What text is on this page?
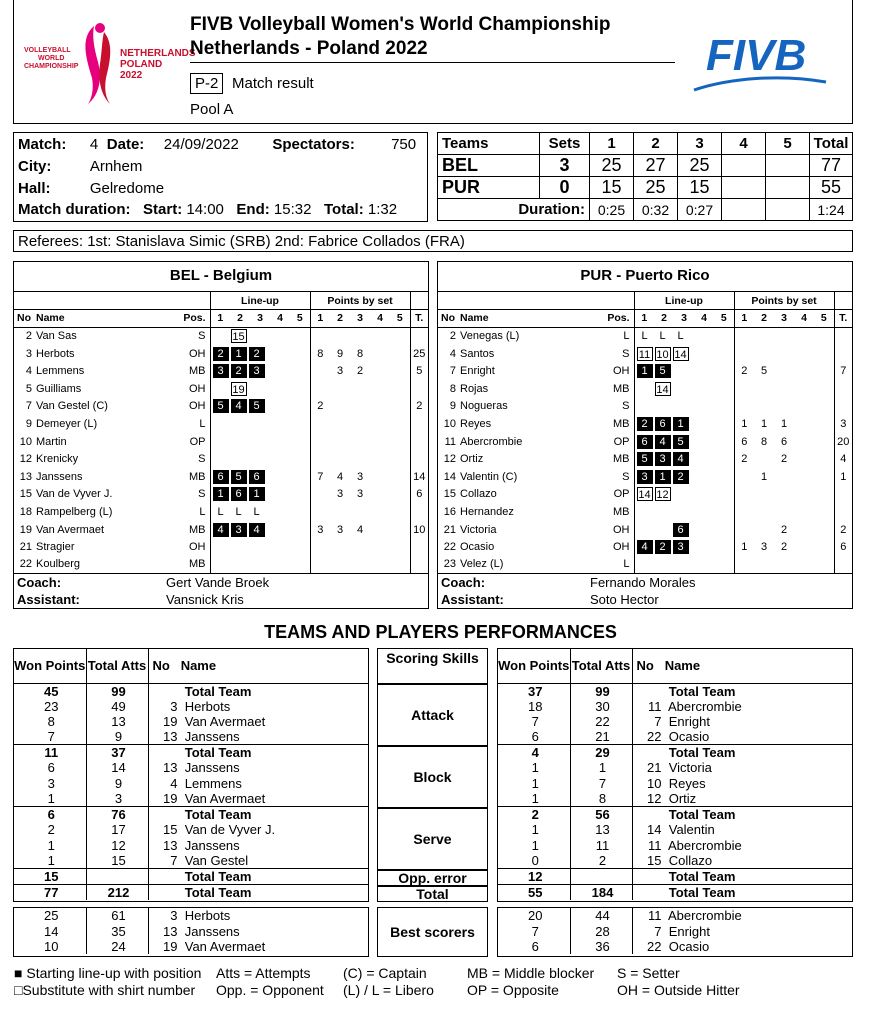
VOLLEYBALL
WORLD
CHAMPIONSHIP
NETHERLANDS
POLAND
2022
FIVB Volleyball Women's World Championship
Netherlands - Poland 2022
P-2 Match result
Pool A
FIVB
Match:	4	Date:	24/09/2022	Spectators:	750
City:	Arnhem				
Hall:	Gelredome				
Match duration: Start: 14:00 End: 15:32 Total: 1:32
Teams	Sets	1	2	3	4	5	Total
BEL	3	25	27	25			77
PUR	0	15	25	15			55
Duration:		0:25	0:32	0:27			1:24
Referees: 1st: Stanislava Simic (SRB) 2nd: Fabrice Collados (FRA)
BEL - Belgium
			Line-up					Points by set					
No	Name	Pos.	1	2	3	4	5	1	2	3	4	5	T.
2	Van Sas	S	15										
3	Herbots	OH	2 1 2					8	9	8			25
4	Lemmens	MB	3 2 3						3	2			5
5	Guilliams	OH	19										
7	Van Gestel (C)	OH	5 4 5					2					2
9	Demeyer (L)	L											
10	Martin	OP											
12	Krenicky	S											
13	Janssens	MB	6 5 6					7	4	3			14
15	Van de Vyver J.	S	1 6 1						3	3			6
18	Rampelberg (L)	L	L L L										
19	Van Avermaet	MB	4 3 4					3	3	4			10
21	Stragier	OH											
22	Koulberg	MB											
Coach:		Gert Vande Broek											
Assistant:		Vansnick Kris											
PUR - Puerto Rico
			Line-up					Points by set					
No	Name	Pos.	1	2	3	4	5	1	2	3	4	5	T.
2	Venegas (L)	L	L L L										
4	Santos	S	11 10 14										
7	Enright	OH	1 5					2	5				7
8	Rojas	MB	14										
9	Nogueras	S											
10	Reyes	MB	2 6 1					1	1	1			3
11	Abercrombie	OP	6 4 5					6	8	6			20
12	Ortiz	MB	5 3 4					2		2			4
14	Valentin (C)	S	3 1 2						1				1
15	Collazo	OP	14 12										
16	Hernandez	MB											
21	Victoria	OH	6							2			2
22	Ocasio	OH	4 2 3					1	3	2			6
23	Velez (L)	L											
Coach:		Fernando Morales											
Assistant:		Soto Hector											
TEAMS AND PLAYERS PERFORMANCES
Won Points	Total Atts	No Name
45	99	Total Team
23	49	3 Herbots
8	13	19 Van Avermaet
7	9	13 Janssens
11	37	Total Team
6	14	13 Janssens
3	9	4 Lemmens
1	3	19 Van Avermaet
6	76	Total Team
2	17	15 Van de Vyver J.
1	12	13 Janssens
1	15	7 Van Gestel
15		Total Team
77	212	Total Team
Won Points	Total Atts	No Name
37	99	Total Team
18	30	11 Abercrombie
7	22	7 Enright
6	21	22 Ocasio
4	29	Total Team
1	1	21 Victoria
1	7	10 Reyes
1	8	12 Ortiz
2	56	Total Team
1	13	14 Valentin
1	11	11 Abercrombie
0	2	15 Collazo
12		Total Team
55	184	Total Team
25	61	3 Herbots
14	35	13 Janssens
10	24	19 Van Avermaet
20	44	11 Abercrombie
7	28	7 Enright
6	36	22 Ocasio
Scoring Skills
Attack
Block
Serve
Opp. error
Total
Best scorers
■ Starting line-up with position
□Substitute with shirt number
Atts = Attempts
Opp. = Opponent
(C) = Captain
(L) / L = Libero
MB = Middle blocker
OP = Opposite
S = Setter
OH = Outside Hitter
